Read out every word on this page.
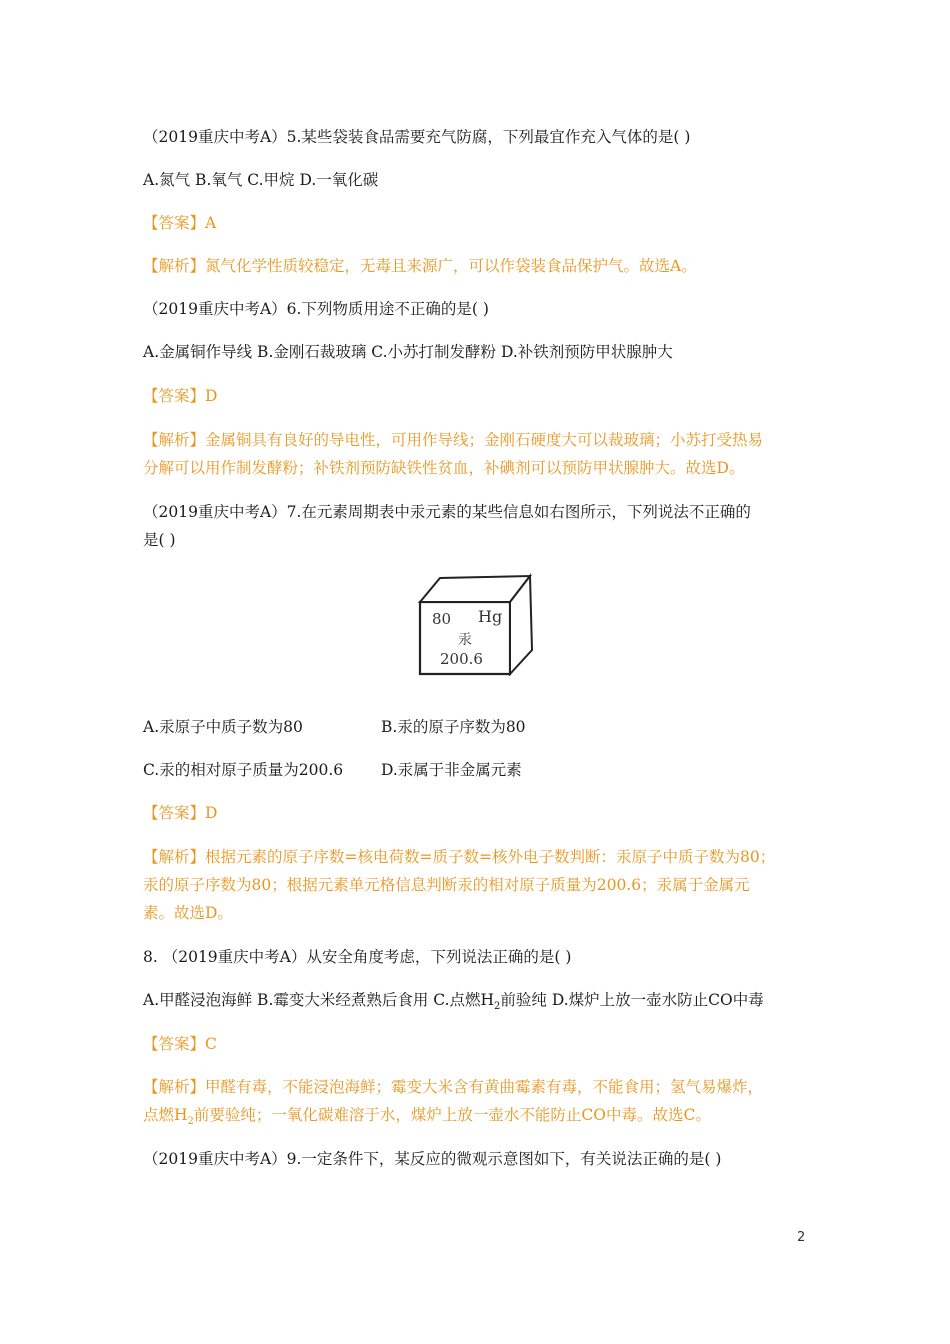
（2019重庆中考A）5.某些袋装食品需要充气防腐，下列最宜作充入气体的是( )
A.氮气 B.氧气 C.甲烷 D.一氧化碳
【答案】A
【解析】氮气化学性质较稳定，无毒且来源广，可以作袋装食品保护气。故选A。
（2019重庆中考A）6.下列物质用途不正确的是( )
A.金属铜作导线 B.金刚石裁玻璃 C.小苏打制发酵粉 D.补铁剂预防甲状腺肿大
【答案】D
【解析】金属铜具有良好的导电性，可用作导线；金刚石硬度大可以裁玻璃；小苏打受热易
分解可以用作制发酵粉；补铁剂预防缺铁性贫血，补碘剂可以预防甲状腺肿大。故选D。
（2019重庆中考A）7.在元素周期表中汞元素的某些信息如右图所示，下列说法不正确的
是( )
80 Hg
汞
200.6
A.汞原子中质子数为80	B.汞的原子序数为80
C.汞的相对原子质量为200.6 D.汞属于非金属元素
【答案】D
【解析】根据元素的原子序数=核电荷数=质子数=核外电子数判断：汞原子中质子数为80；
汞的原子序数为80；根据元素单元格信息判断汞的相对原子质量为200.6；汞属于金属元
素。故选D。
8. （2019重庆中考A）从安全角度考虑，下列说法正确的是( )
A.甲醛浸泡海鲜 B.霉变大米经煮熟后食用 C.点燃$H_2$前验纯 D.煤炉上放一壶水防止CO中毒
【答案】C
【解析】甲醛有毒，不能浸泡海鲜；霉变大米含有黄曲霉素有毒，不能食用；氢气易爆炸，
点燃$H_2$前要验纯；一氧化碳难溶于水，煤炉上放一壶水不能防止CO中毒。故选C。
（2019重庆中考A）9.一定条件下，某反应的微观示意图如下，有关说法正确的是( )
2
